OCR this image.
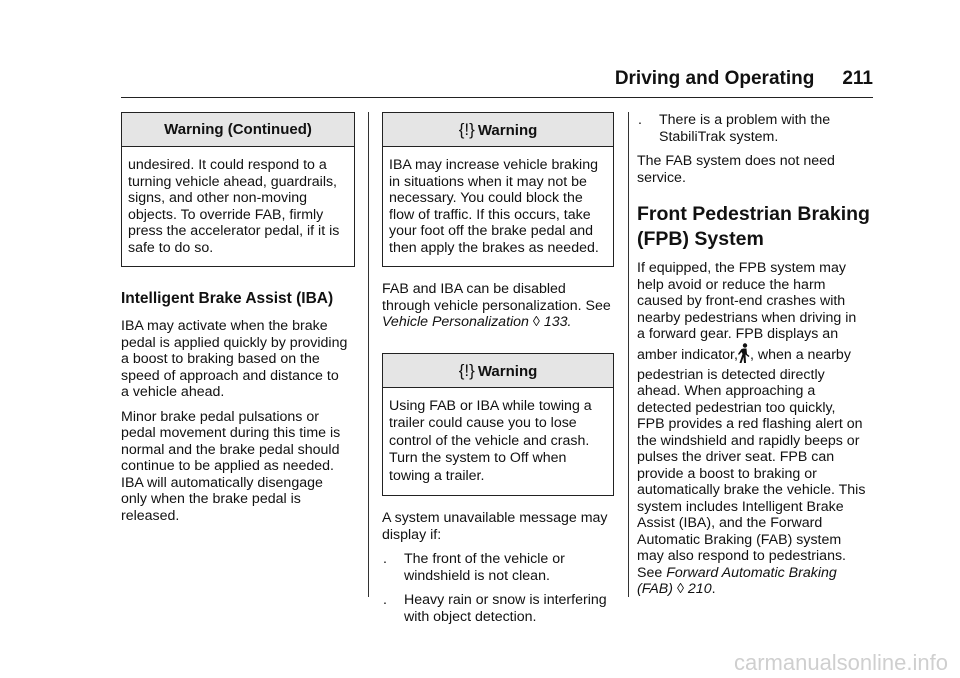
Driving and Operating 211
Warning (Continued)
undesired. It could respond to a
turning vehicle ahead, guardrails,
signs, and other non-moving
objects. To override FAB, firmly
press the accelerator pedal, if it is
safe to do so.
Intelligent Brake Assist (IBA)

IBA may activate when the brake
pedal is applied quickly by providing
a boost to braking based on the
speed of approach and distance to
a vehicle ahead.

Minor brake pedal pulsations or
pedal movement during this time is
normal and the brake pedal should
continue to be applied as needed.
IBA will automatically disengage
only when the brake pedal is
released.

{!} Warning
IBA may increase vehicle braking
in situations when it may not be
necessary. You could block the
flow of traffic. If this occurs, take
your foot off the brake pedal and
then apply the brakes as needed.

FAB and IBA can be disabled
through vehicle personalization. See
Vehicle Personalization ◊ 133.

{!} Warning
Using FAB or IBA while towing a
trailer could cause you to lose
control of the vehicle and crash.
Turn the system to Off when
towing a trailer.

A system unavailable message may
display if:

. The front of the vehicle or
windshield is not clean.
. Heavy rain or snow is interfering
with object detection.
. There is a problem with the
StabiliTrak system.

The FAB system does not need
service.

Front Pedestrian Braking
(FPB) System

If equipped, the FPB system may
help avoid or reduce the harm
caused by front-end crashes with
nearby pedestrians when driving in
a forward gear. FPB displays an
amber indicator, , when a nearby
pedestrian is detected directly
ahead. When approaching a
detected pedestrian too quickly,
FPB provides a red flashing alert on
the windshield and rapidly beeps or
pulses the driver seat. FPB can
provide a boost to braking or
automatically brake the vehicle. This
system includes Intelligent Brake
Assist (IBA), and the Forward
Automatic Braking (FAB) system
may also respond to pedestrians.
See Forward Automatic Braking
(FAB) ◊ 210.

carmanualsonline.info
